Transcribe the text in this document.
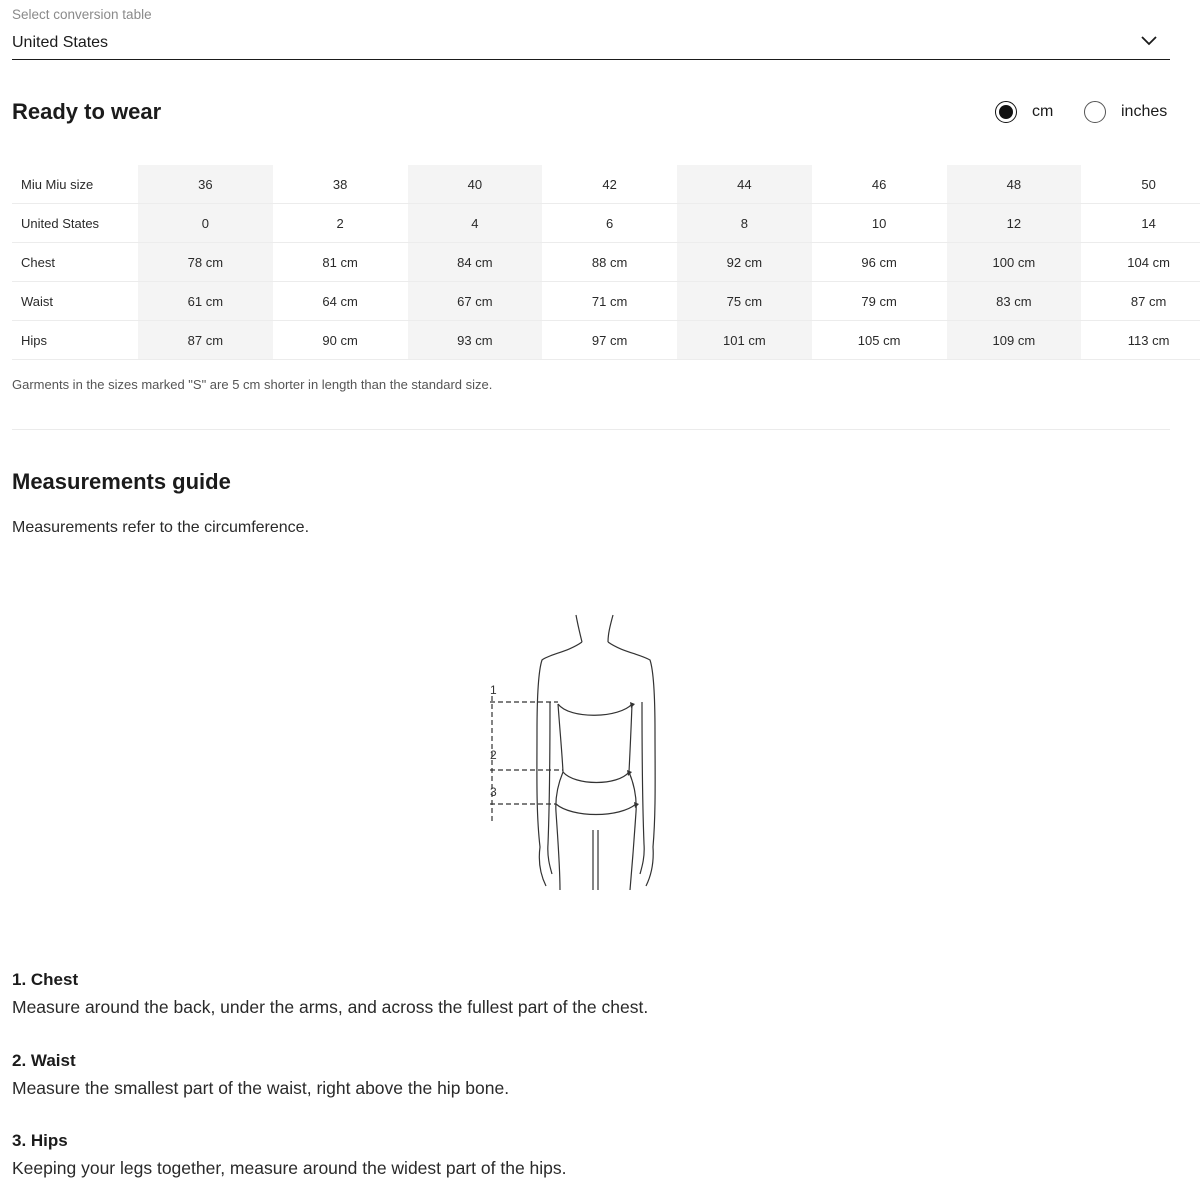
Select conversion table
United States
Ready to wear	cm	inches
Miu Miu size	36	38	40	42	44	46	48	50
United States	0	2	4	6	8	10	12	14
Chest	78 cm	81 cm	84 cm	88 cm	92 cm	96 cm	100 cm	104 cm
Waist	61 cm	64 cm	67 cm	71 cm	75 cm	79 cm	83 cm	87 cm
Hips	87 cm	90 cm	93 cm	97 cm	101 cm	105 cm	109 cm	113 cm
Garments in the sizes marked "S" are 5 cm shorter in length than the standard size.
Measurements guide
Measurements refer to the circumference.
1
2
3
1. Chest
Measure around the back, under the arms, and across the fullest part of the chest.
2. Waist
Measure the smallest part of the waist, right above the hip bone.
3. Hips
Keeping your legs together, measure around the widest part of the hips.
